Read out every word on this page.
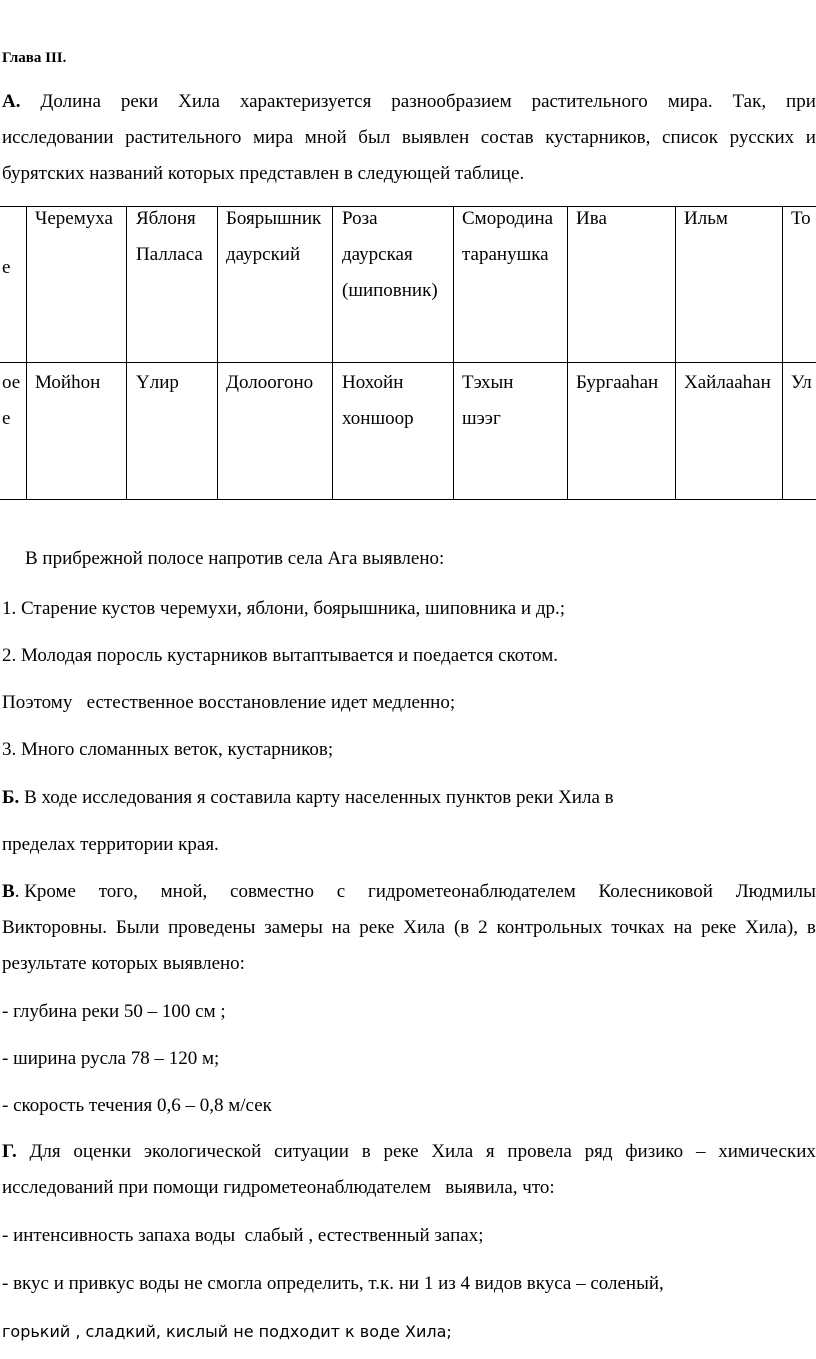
Глава III.
А. Долина реки Хила характеризуется разнообразием растительного мира. Так, при
исследовании растительного мира мной был выявлен состав кустарников, список русских и
бурятских названий которых представлен в следующей таблице.
е
ое
е
Черемуха
Мойһон
Яблоня
Палласа
Үлир
Боярышник
даурский
Долоогоно
Роза
даурская
(шиповник)
Нохойн
хоншоор
Смородина
таранушка
Тэхын
шээг
Ива
Бургааһан
Ильм
Хайлааһан
То
Ул
В прибрежной полосе напротив села Ага выявлено:
1. Старение кустов черемухи, яблони, боярышника, шиповника и др.;
2. Молодая поросль кустарников вытаптывается и поедается скотом.
Поэтому   естественное восстановление идет медленно;
3. Много сломанных веток, кустарников;
Б. В ходе исследования я составила карту населенных пунктов реки Хила в
пределах территории края.
В. Кроме того, мной, совместно с гидрометеонаблюдателем Колесниковой Людмилы
Викторовны. Были проведены замеры на реке Хила (в 2 контрольных точках на реке Хила), в
результате которых выявлено:
- глубина реки 50 – 100 см ;
- ширина русла 78 – 120 м;
- скорость течения 0,6 – 0,8 м/сек
Г. Для оценки экологической ситуации в реке Хила я провела ряд физико – химических
исследований при помощи гидрометеонаблюдателем   выявила, что:
- интенсивность запаха воды  слабый , естественный запах;
- вкус и привкус воды не смогла определить, т.к. ни 1 из 4 видов вкуса – соленый,
горький , сладкий, кислый не подходит к воде Хила;
